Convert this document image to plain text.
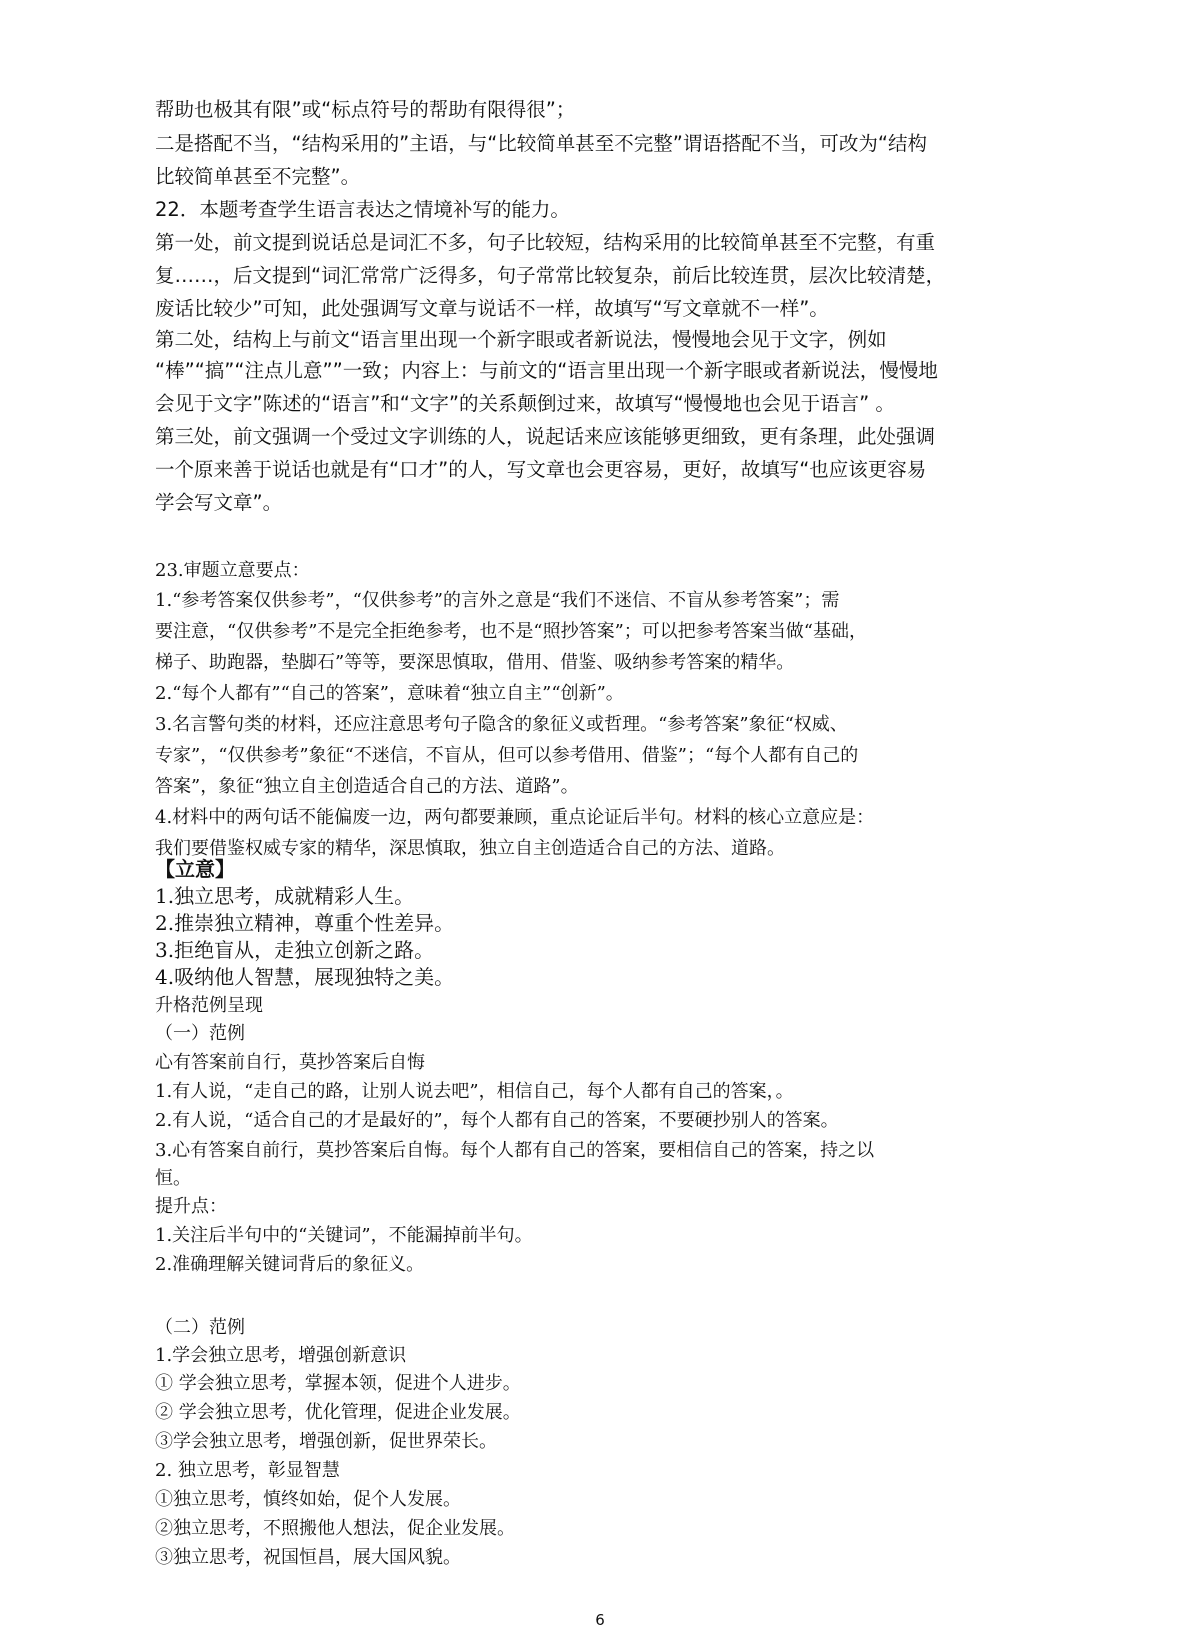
帮助也极其有限”或“标点符号的帮助有限得很”；
二是搭配不当，“结构采用的”主语，与“比较简单甚至不完整”谓语搭配不当，可改为“结构
比较简单甚至不完整”。
22．本题考查学生语言表达之情境补写的能力。
第一处，前文提到说话总是词汇不多，句子比较短，结构采用的比较简单甚至不完整，有重
复……，后文提到“词汇常常广泛得多，句子常常比较复杂，前后比较连贯，层次比较清楚，
废话比较少”可知，此处强调写文章与说话不一样，故填写“写文章就不一样”。
第二处，结构上与前文“语言里出现一个新字眼或者新说法，慢慢地会见于文字，例如
“棒”“搞”“注点儿意””一致；内容上：与前文的“语言里出现一个新字眼或者新说法，慢慢地
会见于文字”陈述的“语言”和“文字”的关系颠倒过来，故填写“慢慢地也会见于语言” 。
第三处，前文强调一个受过文字训练的人，说起话来应该能够更细致，更有条理，此处强调
一个原来善于说话也就是有“口才”的人，写文章也会更容易，更好，故填写“也应该更容易
学会写文章”。
23.审题立意要点：
1.“参考答案仅供参考”，“仅供参考”的言外之意是“我们不迷信、不盲从参考答案”；需
要注意，“仅供参考”不是完全拒绝参考，也不是“照抄答案”；可以把参考答案当做“基础，
梯子、助跑器，垫脚石”等等，要深思慎取，借用、借鉴、吸纳参考答案的精华。
2.“每个人都有”“自己的答案”，意味着“独立自主”“创新”。
3.名言警句类的材料，还应注意思考句子隐含的象征义或哲理。“参考答案”象征“权威、
专家”，“仅供参考”象征“不迷信，不盲从，但可以参考借用、借鉴”；“每个人都有自己的
答案”，象征“独立自主创造适合自己的方法、道路”。
4.材料中的两句话不能偏废一边，两句都要兼顾，重点论证后半句。材料的核心立意应是：
我们要借鉴权威专家的精华，深思慎取，独立自主创造适合自己的方法、道路。
【立意】
1.独立思考，成就精彩人生。
2.推崇独立精神，尊重个性差异。
3.拒绝盲从，走独立创新之路。
4.吸纳他人智慧，展现独特之美。
升格范例呈现
（一）范例
心有答案前自行，莫抄答案后自悔
1.有人说，“走自己的路，让别人说去吧”，相信自己，每个人都有自己的答案，。
2.有人说，“适合自己的才是最好的”，每个人都有自己的答案，不要硬抄别人的答案。
3.心有答案自前行，莫抄答案后自悔。每个人都有自己的答案，要相信自己的答案，持之以
恒。
提升点：
1.关注后半句中的“关键词”，不能漏掉前半句。
2.准确理解关键词背后的象征义。
（二）范例
1.学会独立思考，增强创新意识
① 学会独立思考，掌握本领，促进个人进步。
② 学会独立思考，优化管理，促进企业发展。
③学会独立思考，增强创新，促世界荣长。
2. 独立思考，彰显智慧
①独立思考，慎终如始，促个人发展。
②独立思考，不照搬他人想法，促企业发展。
③独立思考，祝国恒昌，展大国风貌。
6
